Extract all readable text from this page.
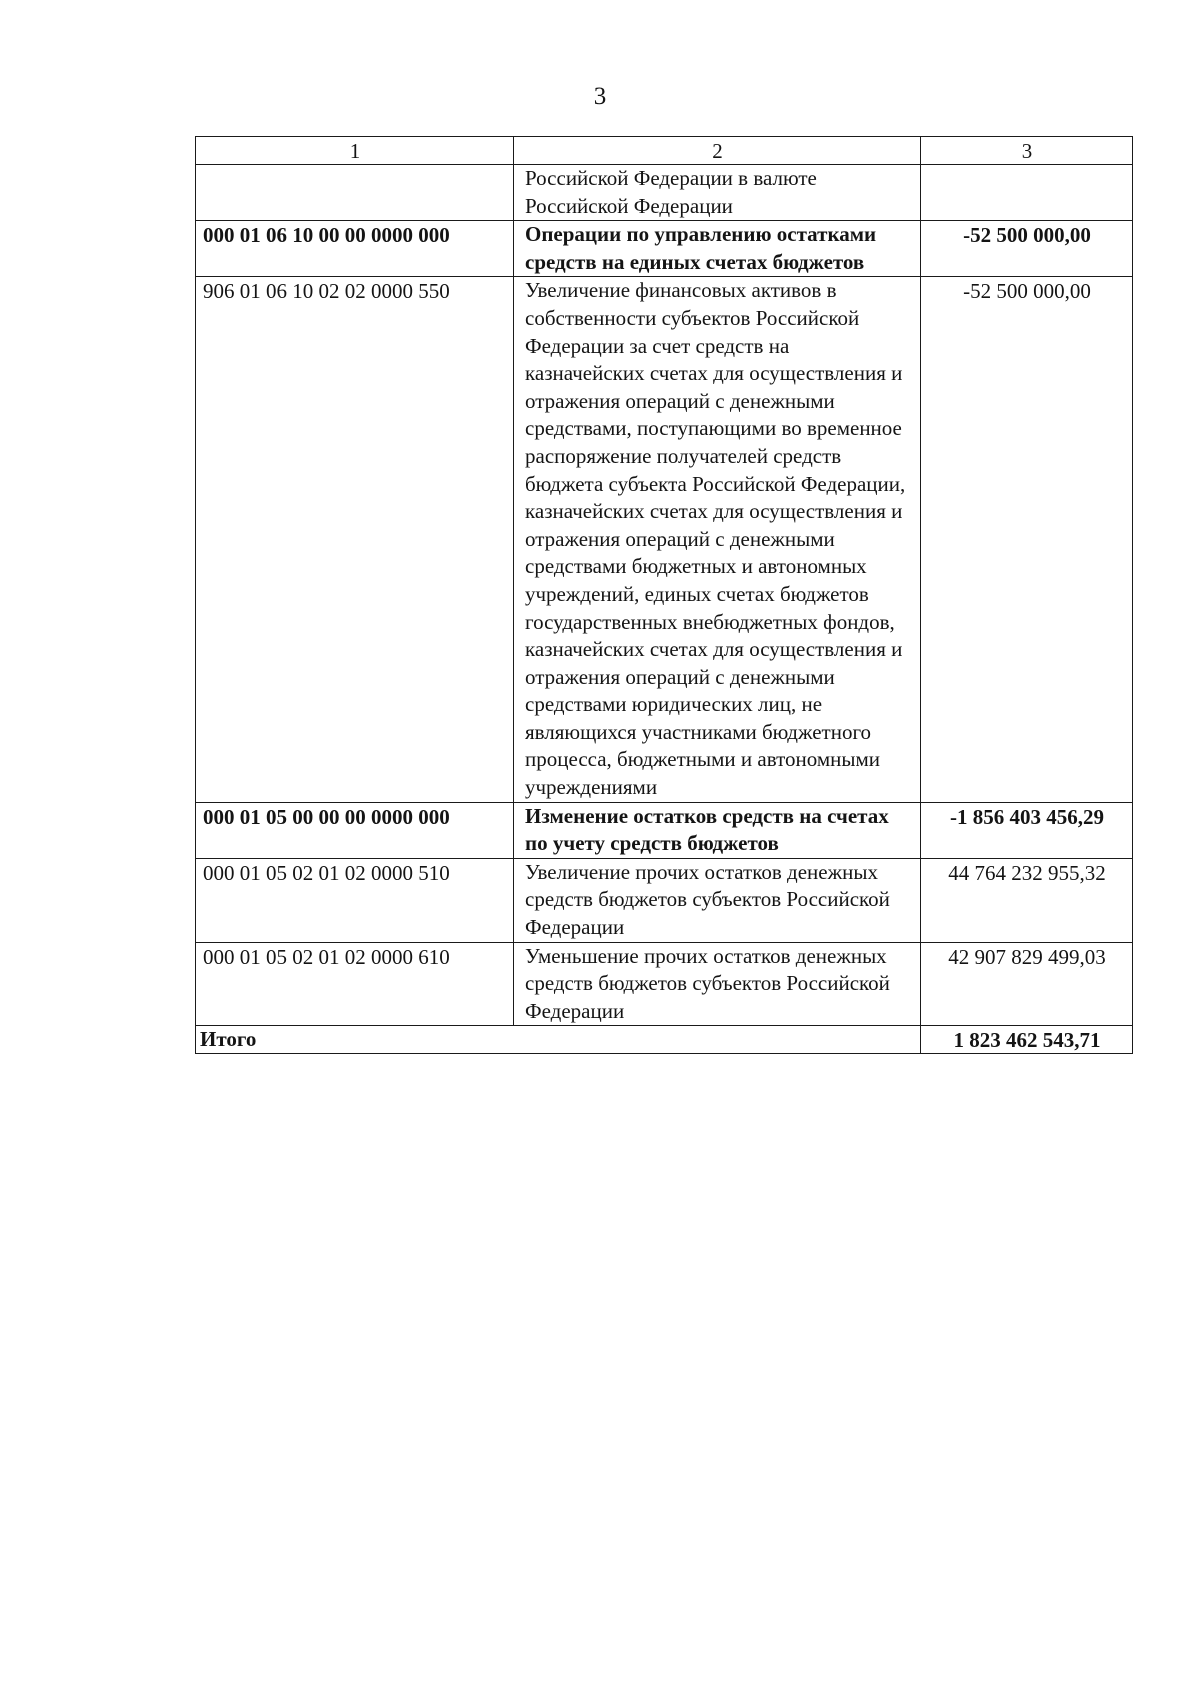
3
1	2	3
	Российской Федерации в валюте Российской Федерации	
000 01 06 10 00 00 0000 000	Операции по управлению остатками средств на единых счетах бюджетов	-52 500 000,00
906 01 06 10 02 02 0000 550	Увеличение финансовых активов в собственности субъектов Российской Федерации за счет средств на казначейских счетах для осуществления и отражения операций с денежными средствами, поступающими во временное распоряжение получателей средств бюджета субъекта Российской Федерации, казначейских счетах для осуществления и отражения операций с денежными средствами бюджетных и автономных учреждений, единых счетах бюджетов государственных внебюджетных фондов, казначейских счетах для осуществления и отражения операций с денежными средствами юридических лиц, не являющихся участниками бюджетного процесса, бюджетными и автономными учреждениями	-52 500 000,00
000 01 05 00 00 00 0000 000	Изменение остатков средств на счетах по учету средств бюджетов	-1 856 403 456,29
000 01 05 02 01 02 0000 510	Увеличение прочих остатков денежных средств бюджетов субъектов Российской Федерации	44 764 232 955,32
000 01 05 02 01 02 0000 610	Уменьшение прочих остатков денежных средств бюджетов субъектов Российской Федерации	42 907 829 499,03
Итого		1 823 462 543,71
